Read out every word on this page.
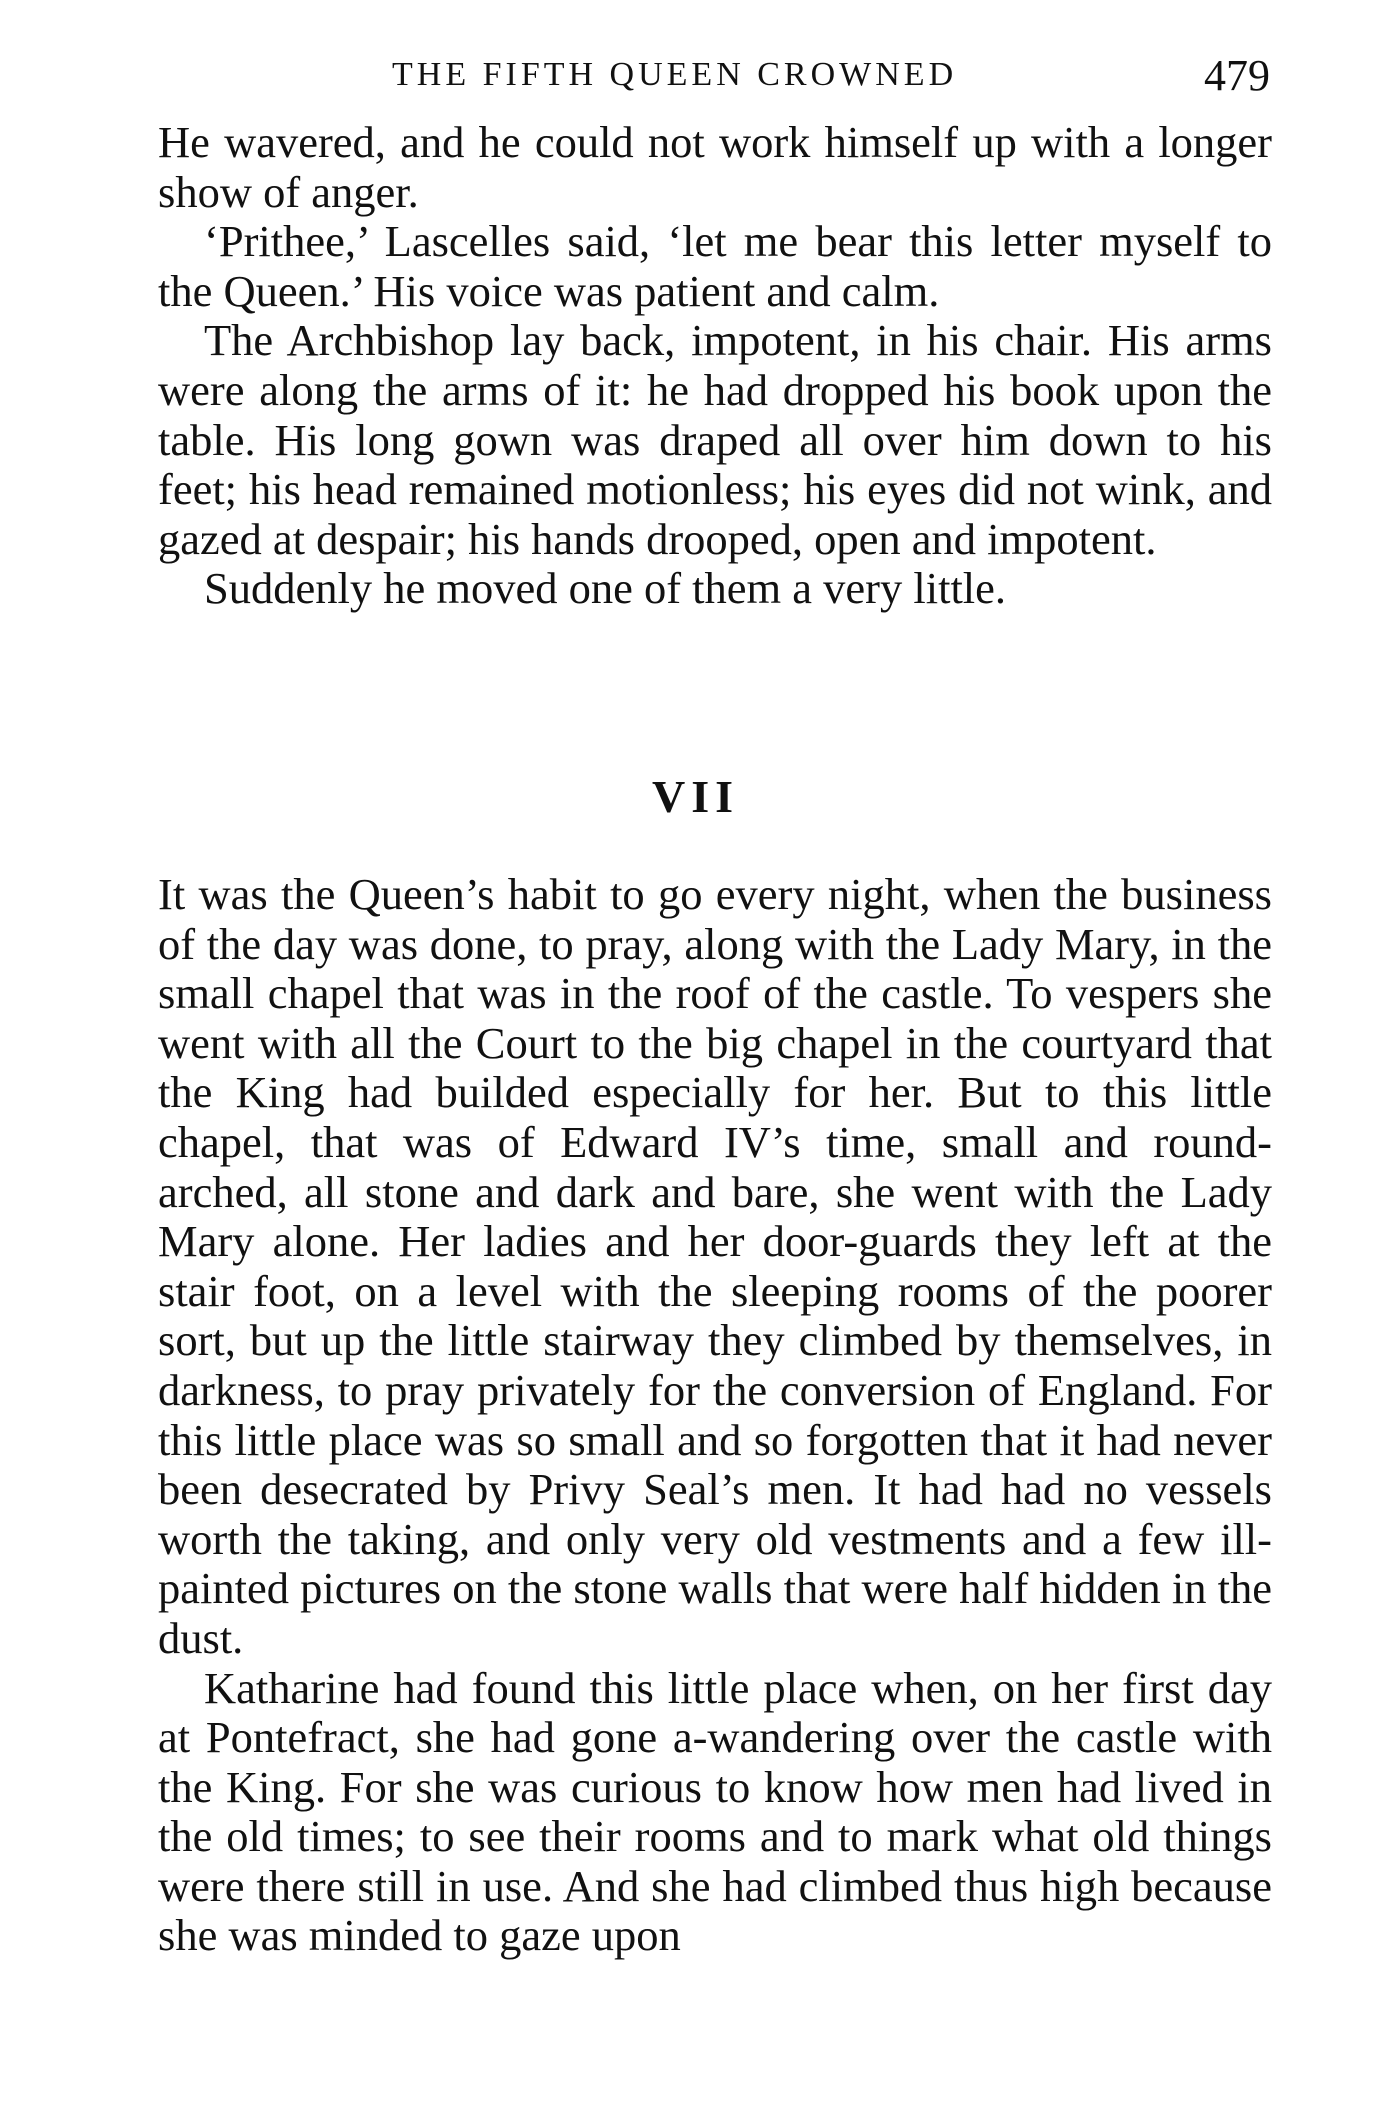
THE FIFTH QUEEN CROWNED	479

He wavered, and he could not work himself up with a longer show of anger.

‘Prithee,’ Lascelles said, ‘let me bear this letter myself to the Queen.’ His voice was patient and calm.

The Archbishop lay back, impotent, in his chair. His arms were along the arms of it: he had dropped his book upon the table. His long gown was draped all over him down to his feet; his head remained motionless; his eyes did not wink, and gazed at despair; his hands drooped, open and impotent.

Suddenly he moved one of them a very little.

VII

It was the Queen’s habit to go every night, when the business of the day was done, to pray, along with the Lady Mary, in the small chapel that was in the roof of the castle. To vespers she went with all the Court to the big chapel in the courtyard that the King had builded especially for her. But to this little chapel, that was of Edward IV’s time, small and round-arched, all stone and dark and bare, she went with the Lady Mary alone. Her ladies and her door-guards they left at the stair foot, on a level with the sleeping rooms of the poorer sort, but up the little stairway they climbed by themselves, in darkness, to pray privately for the conversion of England. For this little place was so small and so forgotten that it had never been desecrated by Privy Seal’s men. It had had no vessels worth the taking, and only very old vestments and a few ill-painted pictures on the stone walls that were half hidden in the dust.

Katharine had found this little place when, on her first day at Pontefract, she had gone a-wandering over the castle with the King. For she was curious to know how men had lived in the old times; to see their rooms and to mark what old things were there still in use. And she had climbed thus high because she was minded to gaze upon
